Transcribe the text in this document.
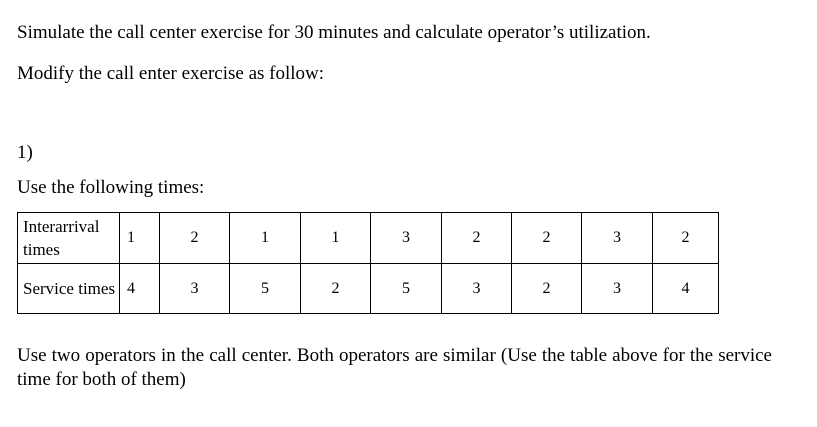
Simulate the call center exercise for 30 minutes and calculate operator’s utilization.
Modify the call enter exercise as follow:
1)
Use the following times:
Interarrival times	1	2	1	1	3	2	2	3	2
Service times	4	3	5	2	5	3	2	3	4
Use two operators in the call center. Both operators are similar (Use the table above for the service time for both of them)
